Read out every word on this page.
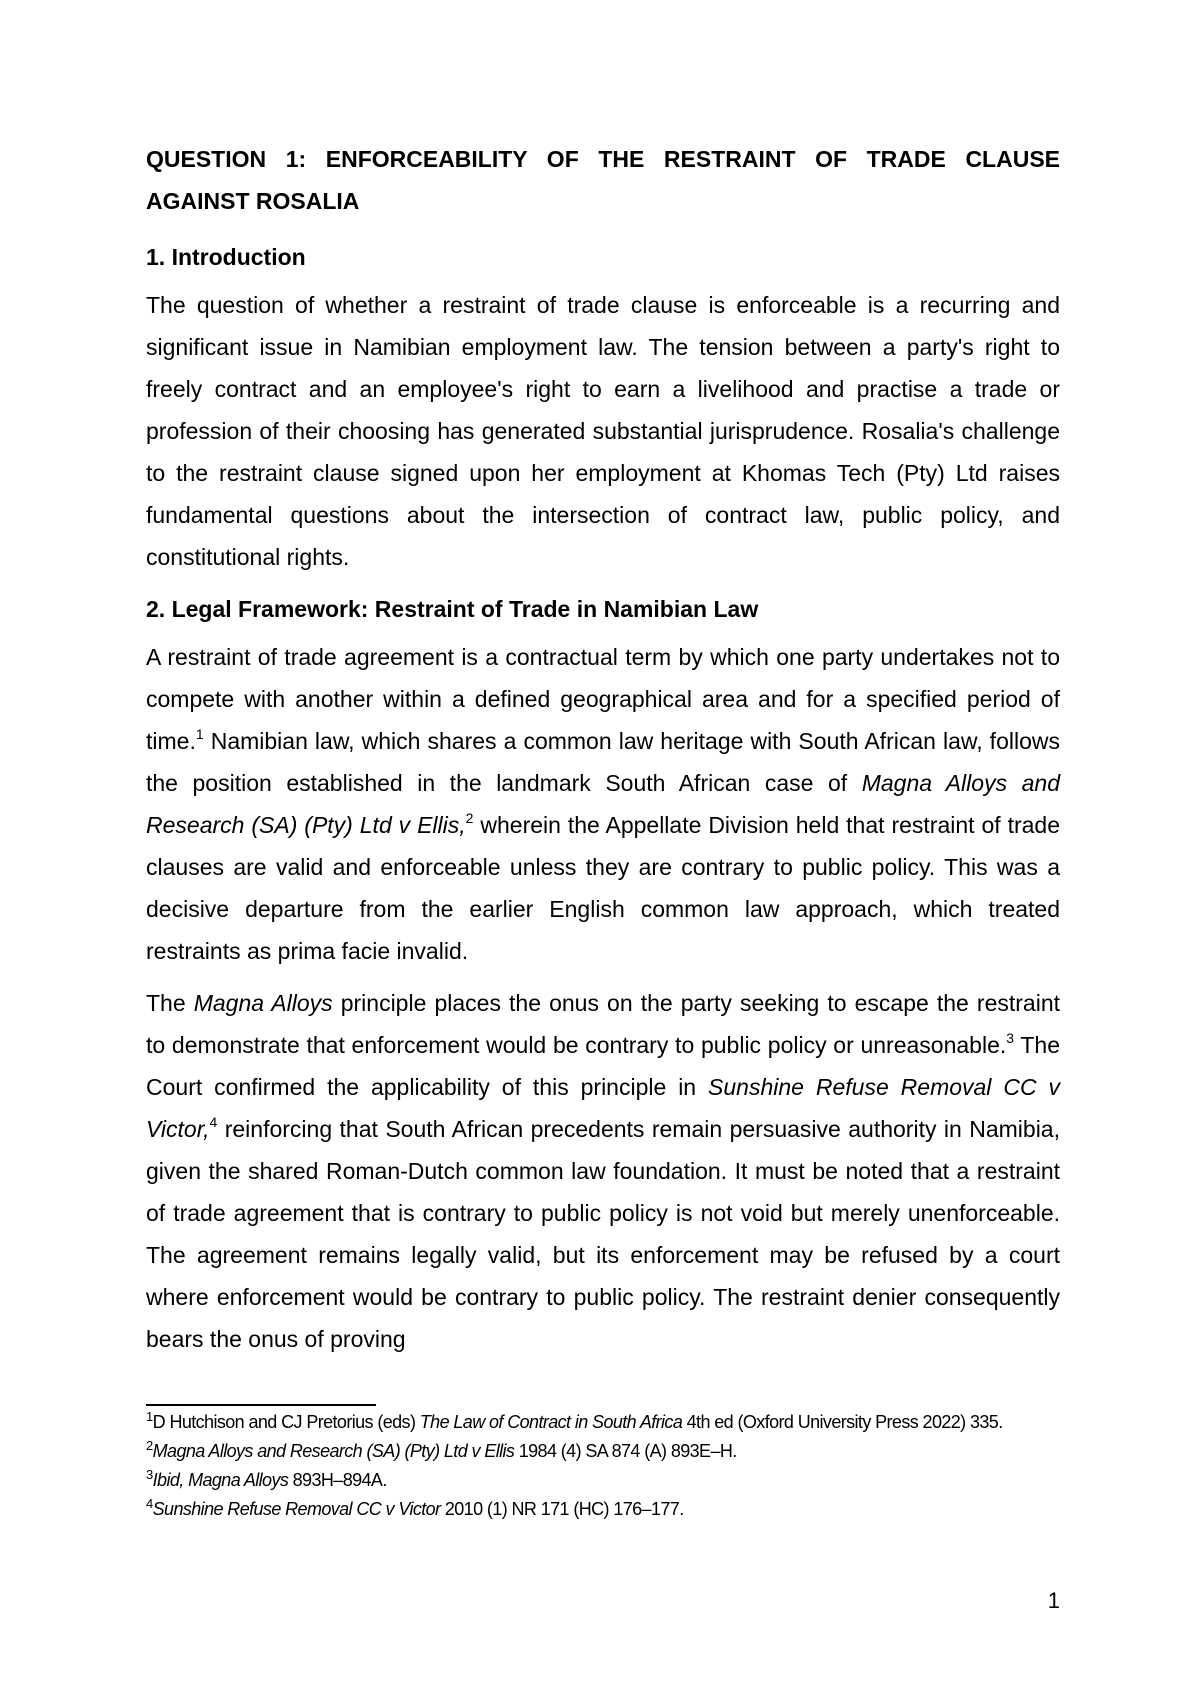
QUESTION 1: ENFORCEABILITY OF THE RESTRAINT OF TRADE CLAUSE AGAINST ROSALIA

1. Introduction

The question of whether a restraint of trade clause is enforceable is a recurring and significant issue in Namibian employment law. The tension between a party's right to freely contract and an employee's right to earn a livelihood and practise a trade or profession of their choosing has generated substantial jurisprudence. Rosalia's challenge to the restraint clause signed upon her employment at Khomas Tech (Pty) Ltd raises fundamental questions about the intersection of contract law, public policy, and constitutional rights.

2. Legal Framework: Restraint of Trade in Namibian Law

A restraint of trade agreement is a contractual term by which one party undertakes not to compete with another within a defined geographical area and for a specified period of time.$^1$ Namibian law, which shares a common law heritage with South African law, follows the position established in the landmark South African case of Magna Alloys and Research (SA) (Pty) Ltd v Ellis,$^2$ wherein the Appellate Division held that restraint of trade clauses are valid and enforceable unless they are contrary to public policy. This was a decisive departure from the earlier English common law approach, which treated restraints as prima facie invalid.

The Magna Alloys principle places the onus on the party seeking to escape the restraint to demonstrate that enforcement would be contrary to public policy or unreasonable.$^3$ The Court confirmed the applicability of this principle in Sunshine Refuse Removal CC v Victor,$^4$ reinforcing that South African precedents remain persuasive authority in Namibia, given the shared Roman-Dutch common law foundation. It must be noted that a restraint of trade agreement that is contrary to public policy is not void but merely unenforceable. The agreement remains legally valid, but its enforcement may be refused by a court where enforcement would be contrary to public policy. The restraint denier consequently bears the onus of proving

$^1$D Hutchison and CJ Pretorius (eds) The Law of Contract in South Africa 4th ed (Oxford University Press 2022) 335.

$^2$Magna Alloys and Research (SA) (Pty) Ltd v Ellis 1984 (4) SA 874 (A) 893E–H.

$^3$Ibid, Magna Alloys 893H–894A.

$^4$Sunshine Refuse Removal CC v Victor 2010 (1) NR 171 (HC) 176–177.

1
